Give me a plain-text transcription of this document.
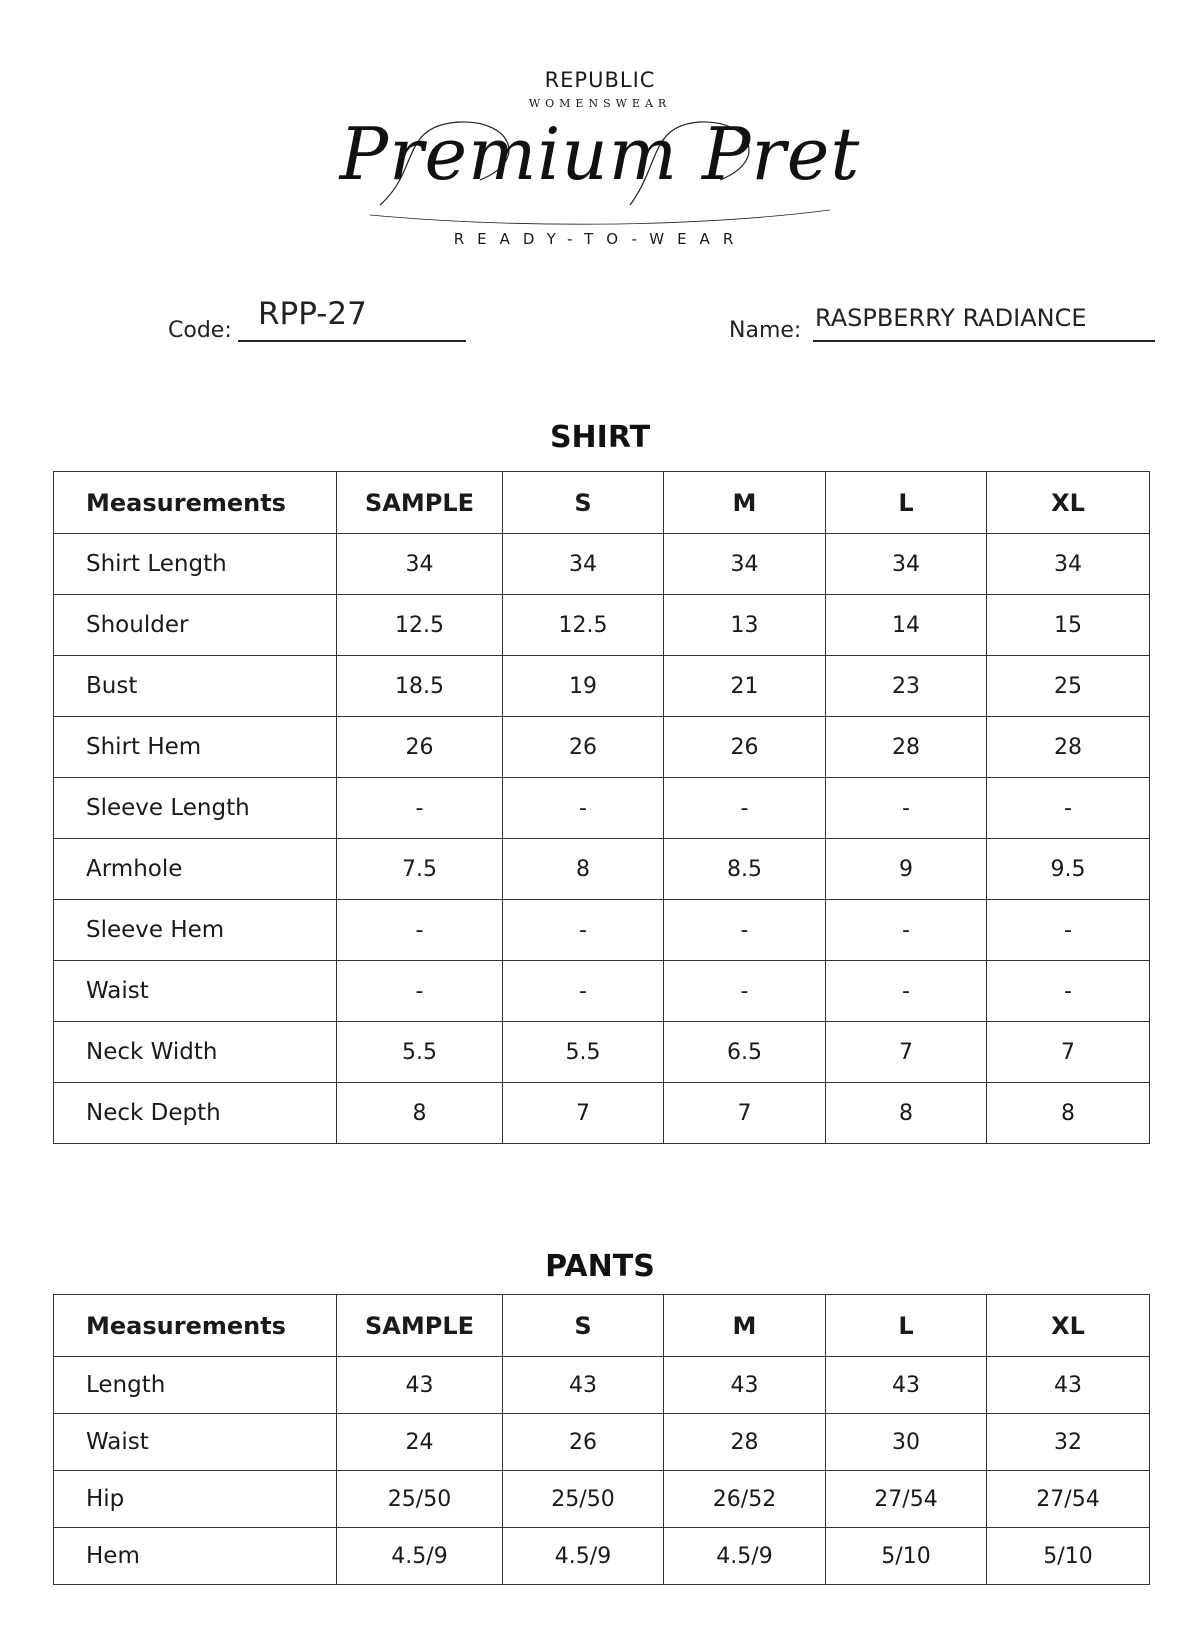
REPUBLIC
WOMENSWEAR
Premium Pret
READY-TO-WEAR
Code: RPP-27	Name: RASPBERRY RADIANCE
SHIRT
Measurements	SAMPLE	S	M	L	XL
Shirt Length	34	34	34	34	34
Shoulder	12.5	12.5	13	14	15
Bust	18.5	19	21	23	25
Shirt Hem	26	26	26	28	28
Sleeve Length	-	-	-	-	-
Armhole	7.5	8	8.5	9	9.5
Sleeve Hem	-	-	-	-	-
Waist	-	-	-	-	-
Neck Width	5.5	5.5	6.5	7	7
Neck Depth	8	7	7	8	8
PANTS
Measurements	SAMPLE	S	M	L	XL
Length	43	43	43	43	43
Waist	24	26	28	30	32
Hip	25/50	25/50	26/52	27/54	27/54
Hem	4.5/9	4.5/9	4.5/9	5/10	5/10
